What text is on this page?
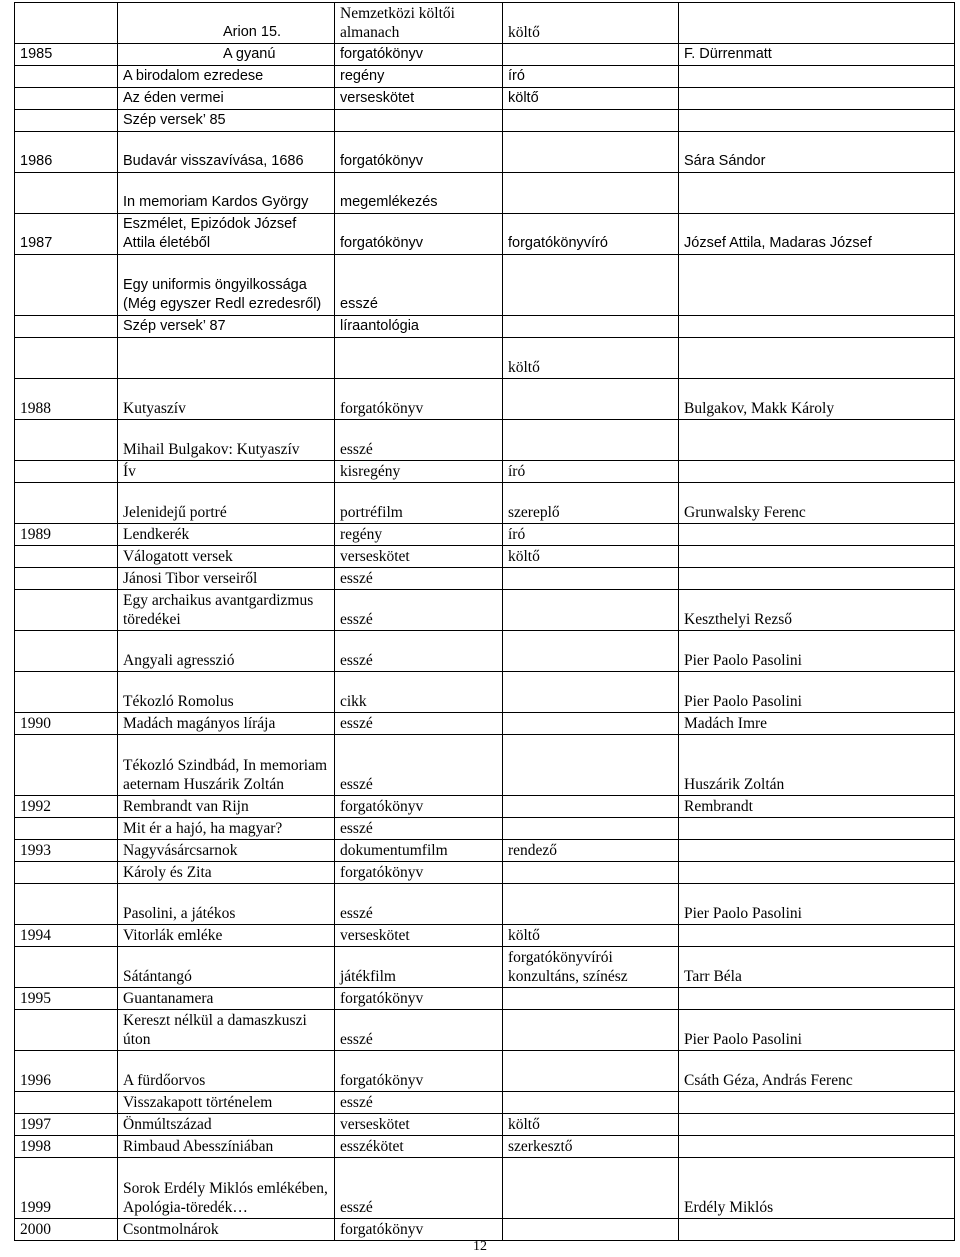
	Arion 15.	Nemzetközi költői almanach	költő	
1985	A gyanú	forgatókönyv		F. Dürrenmatt
	A birodalom ezredese	regény	író	
	Az éden vermei	verseskötet	költő	
	Szép versek’ 85			
1986	Budavár visszavívása, 1686	forgatókönyv		Sára Sándor
	In memoriam Kardos György	megemlékezés		
1987	Eszmélet, Epizódok József Attila életéből	forgatókönyv	forgatókönyvíró	József Attila, Madaras József
	Egy uniformis öngyilkossága (Még egyszer Redl ezredesről)	esszé		
	Szép versek’ 87	líraantológia		
			költő	
1988	Kutyaszív	forgatókönyv		Bulgakov, Makk Károly
	Mihail Bulgakov: Kutyaszív	esszé		
	Ív	kisregény	író	
	Jelenidejű portré	portréfilm	szereplő	Grunwalsky Ferenc
1989	Lendkerék	regény	író	
	Válogatott versek	verseskötet	költő	
	Jánosi Tibor verseiről	esszé		
	Egy archaikus avantgardizmus töredékei	esszé		Keszthelyi Rezső
	Angyali agresszió	esszé		Pier Paolo Pasolini
	Tékozló Romolus	cikk		Pier Paolo Pasolini
1990	Madách magányos lírája	esszé		Madách Imre
	Tékozló Szindbád, In memoriam aeternam Huszárik Zoltán	esszé		Huszárik Zoltán
1992	Rembrandt van Rijn	forgatókönyv		Rembrandt
	Mit ér a hajó, ha magyar?	esszé		
1993	Nagyvásárcsarnok	dokumentumfilm	rendező	
	Károly és Zita	forgatókönyv		
	Pasolini, a játékos	esszé		Pier Paolo Pasolini
1994	Vitorlák emléke	verseskötet	költő	
	Sátántangó	játékfilm	forgatókönyvírói konzultáns, színész	Tarr Béla
1995	Guantanamera	forgatókönyv		
	Kereszt nélkül a damaszkuszi úton	esszé		Pier Paolo Pasolini
1996	A fürdőorvos	forgatókönyv		Csáth Géza, András Ferenc
	Visszakapott történelem	esszé		
1997	Önmúltszázad	verseskötet	költő	
1998	Rimbaud Abesszíniában	esszékötet	szerkesztő	
1999	Sorok Erdély Miklós emlékében, Apológia-töredék…	esszé		Erdély Miklós
2000	Csontmolnárok	forgatókönyv		
12
